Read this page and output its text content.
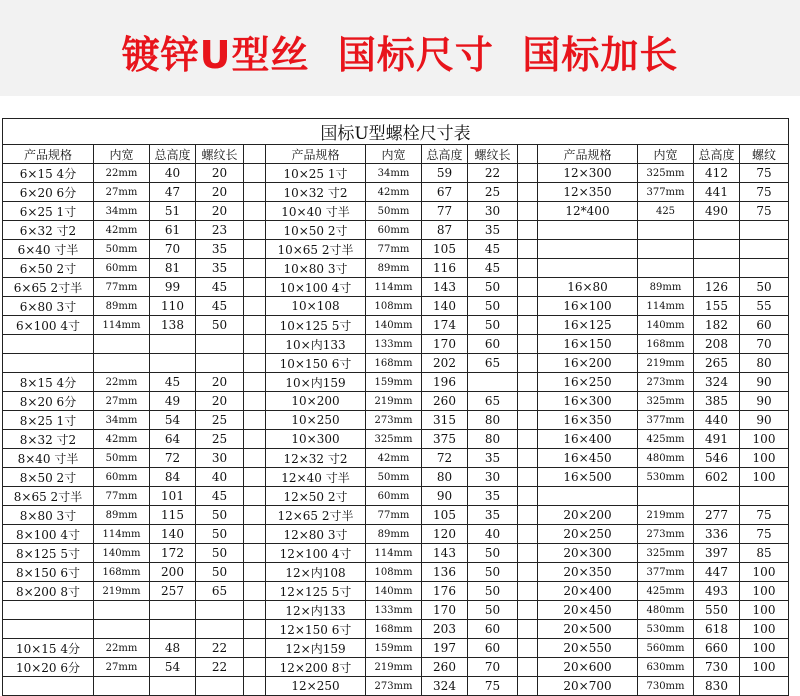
镀锌U型丝  国标尺寸  国标加长
国标U型螺栓尺寸表													
产品规格	内宽	总高度	螺纹长		产品规格	内宽	总高度	螺纹长		产品规格	内宽	总高度	螺纹
6×15 4分	22mm	40	20		10×25 1寸	34mm	59	22		12×300	325mm	412	75
6×20 6分	27mm	47	20		10×32 寸2	42mm	67	25		12×350	377mm	441	75
6×25 1寸	34mm	51	20		10×40 寸半	50mm	77	30		12*400	425	490	75
6×32 寸2	42mm	61	23		10×50 2寸	60mm	87	35					
6×40 寸半	50mm	70	35		10×65 2寸半	77mm	105	45					
6×50 2寸	60mm	81	35		10×80 3寸	89mm	116	45					
6×65 2寸半	77mm	99	45		10×100 4寸	114mm	143	50		16×80	89mm	126	50
6×80 3寸	89mm	110	45		10×108	108mm	140	50		16×100	114mm	155	55
6×100 4寸	114mm	138	50		10×125 5寸	140mm	174	50		16×125	140mm	182	60
					10×内133	133mm	170	60		16×150	168mm	208	70
					10×150 6寸	168mm	202	65		16×200	219mm	265	80
8×15 4分	22mm	45	20		10×内159	159mm	196			16×250	273mm	324	90
8×20 6分	27mm	49	20		10×200	219mm	260	65		16×300	325mm	385	90
8×25 1寸	34mm	54	25		10×250	273mm	315	80		16×350	377mm	440	90
8×32 寸2	42mm	64	25		10×300	325mm	375	80		16×400	425mm	491	100
8×40 寸半	50mm	72	30		12×32 寸2	42mm	72	35		16×450	480mm	546	100
8×50 2寸	60mm	84	40		12×40 寸半	50mm	80	30		16×500	530mm	602	100
8×65 2寸半	77mm	101	45		12×50 2寸	60mm	90	35					
8×80 3寸	89mm	115	50		12×65 2寸半	77mm	105	35		20×200	219mm	277	75
8×100 4寸	114mm	140	50		12×80 3寸	89mm	120	40		20×250	273mm	336	75
8×125 5寸	140mm	172	50		12×100 4寸	114mm	143	50		20×300	325mm	397	85
8×150 6寸	168mm	200	50		12×内108	108mm	136	50		20×350	377mm	447	100
8×200 8寸	219mm	257	65		12×125 5寸	140mm	176	50		20×400	425mm	493	100
					12×内133	133mm	170	50		20×450	480mm	550	100
					12×150 6寸	168mm	203	60		20×500	530mm	618	100
10×15 4分	22mm	48	22		12×内159	159mm	197	60		20×550	560mm	660	100
10×20 6分	27mm	54	22		12×200 8寸	219mm	260	70		20×600	630mm	730	100
					12×250	273mm	324	75		20×700	730mm	830	
